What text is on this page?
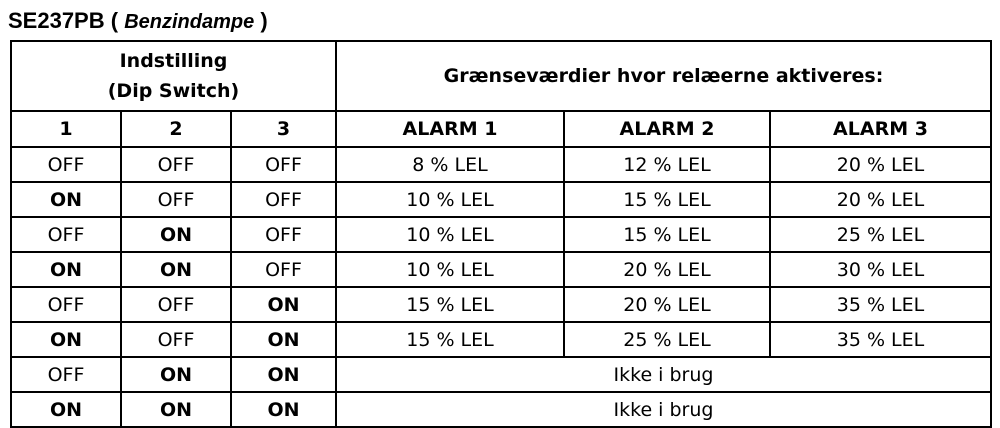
SE237PB ( Benzindampe )
Indstilling
(Dip Switch)			Grænseværdier hvor relæerne aktiveres:		
1	2	3	ALARM 1	ALARM 2	ALARM 3
OFF	OFF	OFF	8 % LEL	12 % LEL	20 % LEL
ON	OFF	OFF	10 % LEL	15 % LEL	20 % LEL
OFF	ON	OFF	10 % LEL	15 % LEL	25 % LEL
ON	ON	OFF	10 % LEL	20 % LEL	30 % LEL
OFF	OFF	ON	15 % LEL	20 % LEL	35 % LEL
ON	OFF	ON	15 % LEL	25 % LEL	35 % LEL
OFF	ON	ON	Ikke i brug		
ON	ON	ON	Ikke i brug		
